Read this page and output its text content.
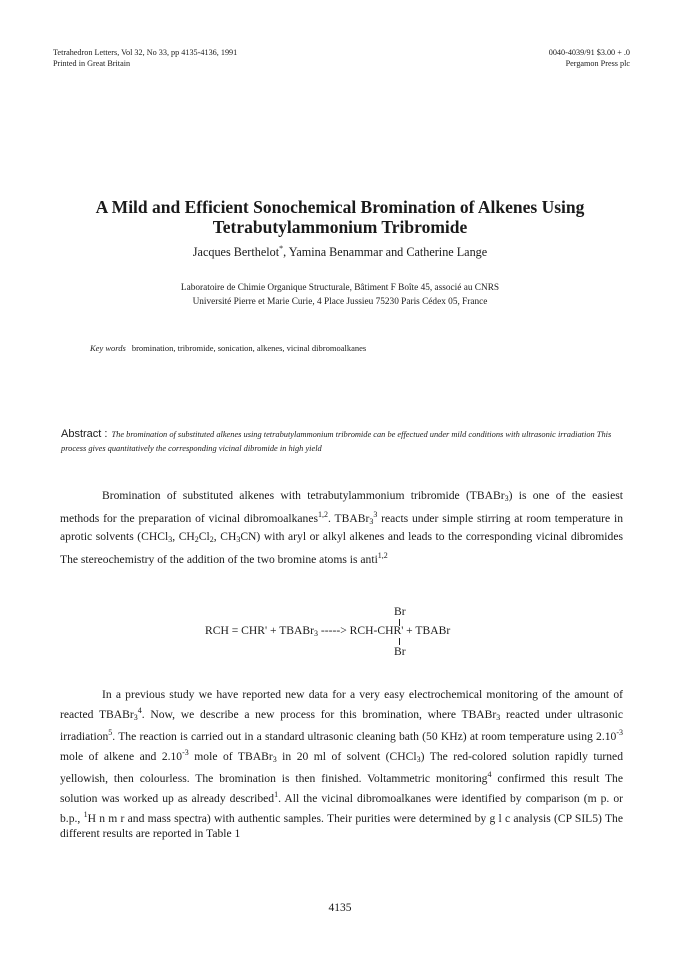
Tetrahedron Letters, Vol 32, No 33, pp 4135-4136, 1991
Printed in Great Britain
0040-4039/91 $3.00 + .0
Pergamon Press plc
A Mild and Efficient Sonochemical Bromination of Alkenes Using
Tetrabutylammonium Tribromide
Jacques Berthelot*, Yamina Benammar and Catherine Lange
Laboratoire de Chimie Organique Structurale, Bâtiment F Boîte 45, associé au CNRS
Université Pierre et Marie Curie, 4 Place Jussieu 75230 Paris Cédex 05, France
Key words bromination, tribromide, sonication, alkenes, vicinal dibromoalkanes
Abstract : The bromination of substituted alkenes using tetrabutylammonium tribromide can be effectued under mild conditions with ultrasonic irradiation This process gives quantitatively the corresponding vicinal dibromide in high yield

Bromination of substituted alkenes with tetrabutylammonium tribromide (TBABr$_3$) is one of the easiest methods for the preparation of vicinal dibromoalkanes$^{1,2}$. TBABr$_3^3$ reacts under simple stirring at room temperature in aprotic solvents (CHCl$_3$, $CH_2Cl_2$, $CH_3CN$) with aryl or alkyl alkenes and leads to the corresponding vicinal dibromides The stereochemistry of the addition of the two bromine atoms is anti$^{1,2}$

Br
RCH = CHR' + TBABr$_3$ -----> RCH-CHR' + TBABr
Br

In a previous study we have reported new data for a very easy electrochemical monitoring of the amount of reacted TBABr$_3^4$. Now, we describe a new process for this bromination, where TBABr$_3$ reacted under ultrasonic irradiation$^5$. The reaction is carried out in a standard ultrasonic cleaning bath (50 KHz) at room temperature using $2.10^{-3}$ mole of alkene and $2.10^{-3}$ mole of TBABr$_3$ in 20 ml of solvent (CHCl$_3$) The red-colored solution rapidly turned yellowish, then colourless. The bromination is then finished. Voltammetric monitoring$^4$ confirmed this result The solution was worked up as already described$^1$. All the vicinal dibromoalkanes were identified by comparison (m p. or b.p., $^1$H n m r and mass spectra) with authentic samples. Their purities were determined by g l c analysis (CP SIL5) The different results are reported in Table 1

4135
